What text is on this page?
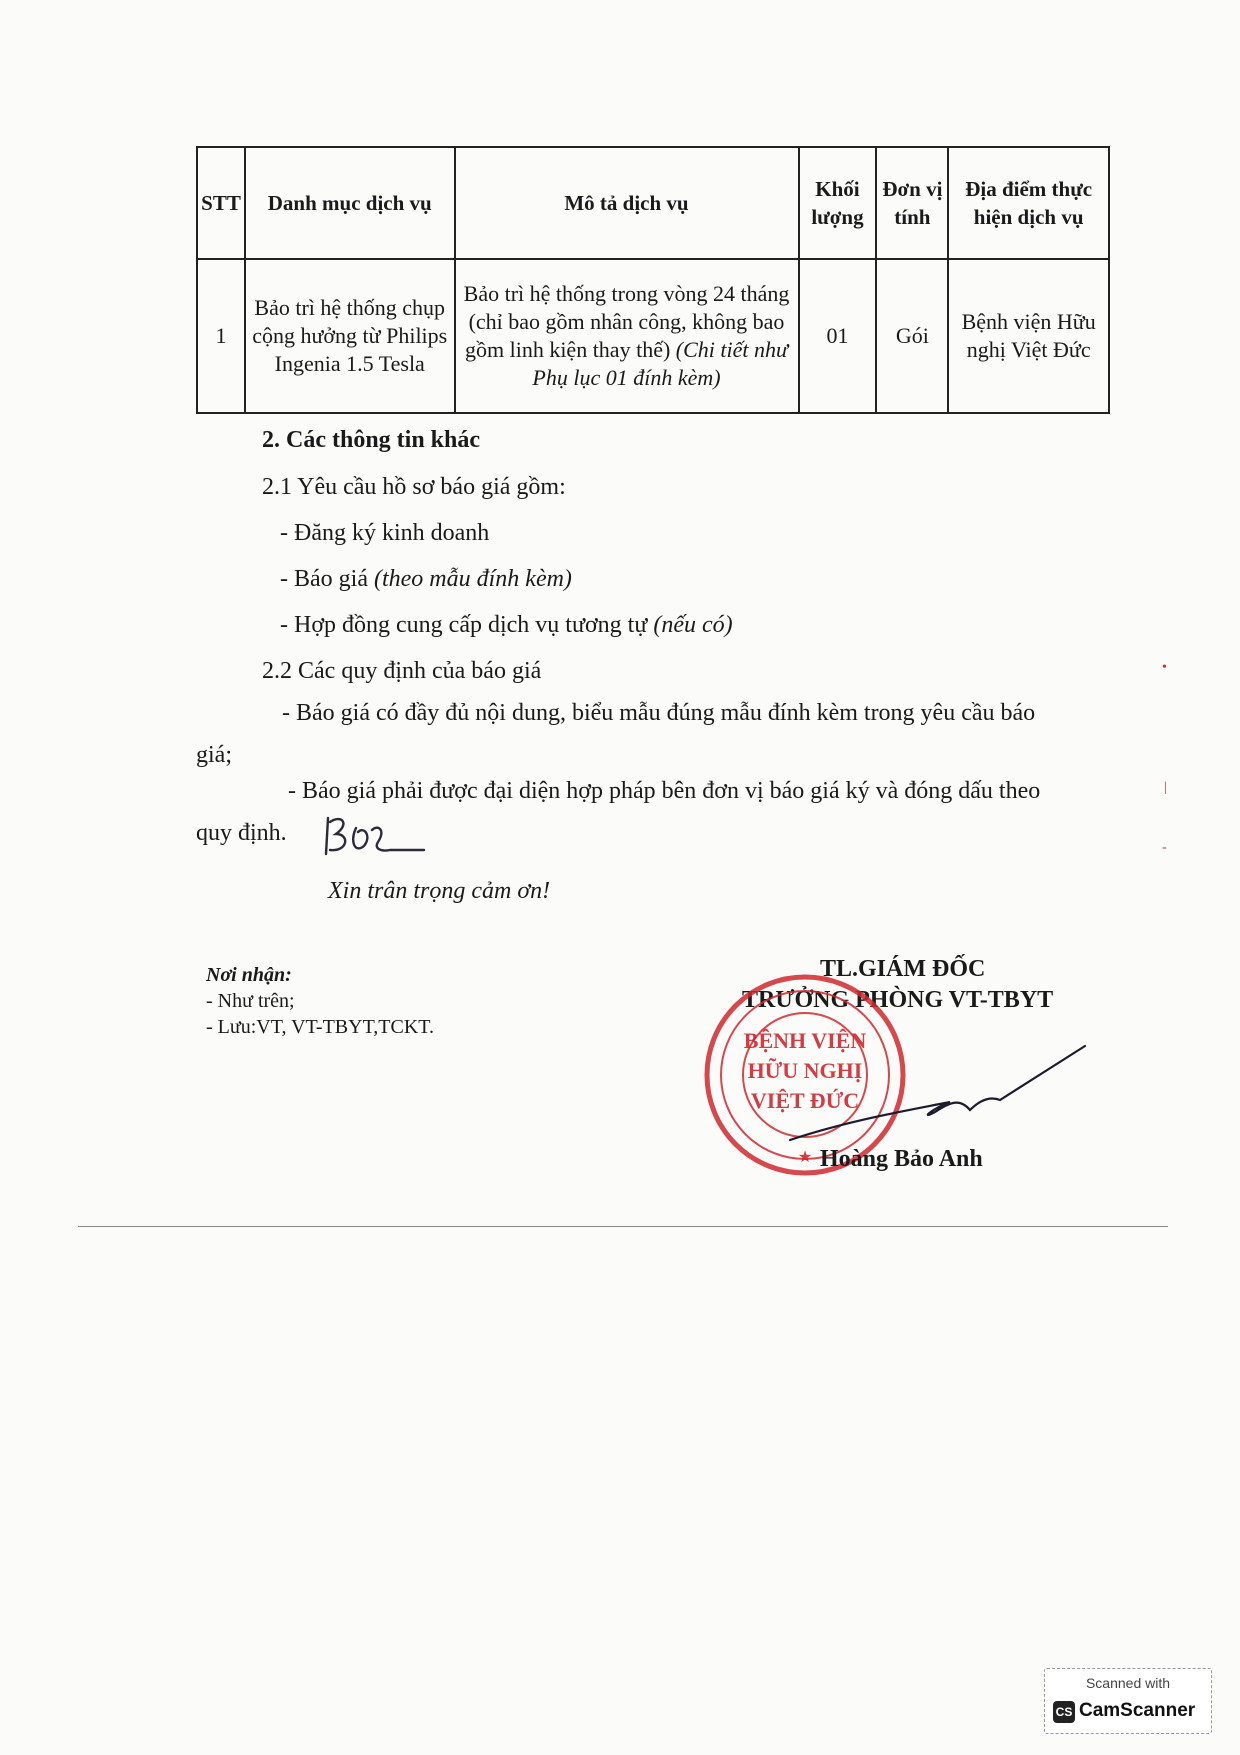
STT	Danh mục dịch vụ	Mô tả dịch vụ	Khối lượng	Đơn vị tính	Địa điểm thực hiện dịch vụ
1	Bảo trì hệ thống chụp cộng hưởng từ Philips Ingenia 1.5 Tesla	Bảo trì hệ thống trong vòng 24 tháng (chỉ bao gồm nhân công, không bao gồm linh kiện thay thế) (Chi tiết như Phụ lục 01 đính kèm)	01	Gói	Bệnh viện Hữu nghị Việt Đức
2. Các thông tin khác
2.1 Yêu cầu hồ sơ báo giá gồm:
- Đăng ký kinh doanh
- Báo giá (theo mẫu đính kèm)
- Hợp đồng cung cấp dịch vụ tương tự (nếu có)
2.2 Các quy định của báo giá
- Báo giá có đầy đủ nội dung, biểu mẫu đúng mẫu đính kèm trong yêu cầu báo
giá;
- Báo giá phải được đại diện hợp pháp bên đơn vị báo giá ký và đóng dấu theo
quy định.
Xin trân trọng cảm ơn!
Nơi nhận:
- Như trên;
- Lưu:VT, VT-TBYT,TCKT.
TL.GIÁM ĐỐC
TRƯỞNG PHÒNG VT-TBYT
BỆNH VIỆN
HỮU NGHỊ
VIỆT ĐỨC
★ Hoàng Bảo Anh
•
|
-
Scanned with
CS CamScanner
